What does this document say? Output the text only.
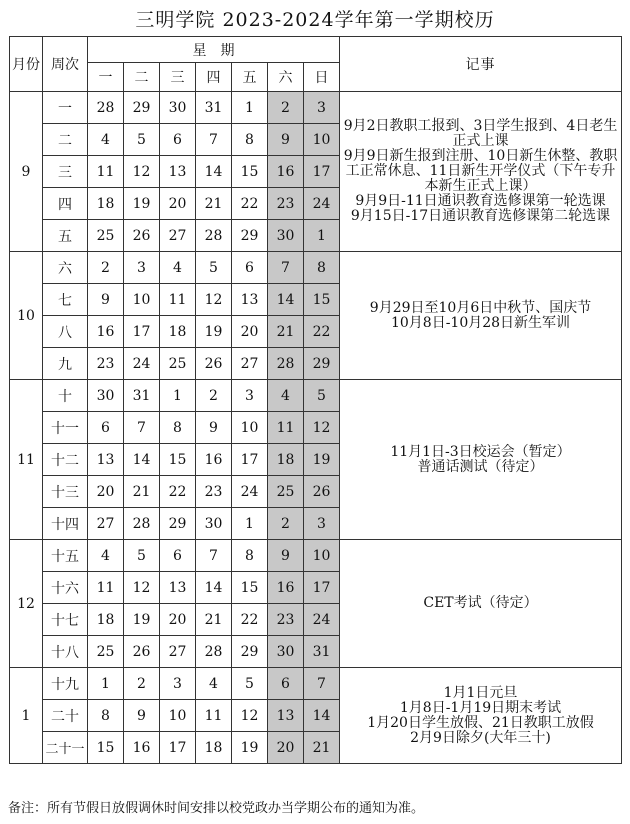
三明学院 2023-2024学年第一学期校历
月份	周次	星　期							记事
		一	二	三	四	五	六	日	
9	一	28	29	30	31	1	2	3	9月2日教职工报到、3日学生报到、4日老生正式上课
9月9日新生报到注册、10日新生休整、教职工正常休息、11日新生开学仪式（下午专升本新生正式上课）
9月9日-11日通识教育选修课第一轮选课
9月15日-17日通识教育选修课第二轮选课

	二	4	5	6	7	8	9	10	
	三	11	12	13	14	15	16	17	
	四	18	19	20	21	22	23	24	
	五	25	26	27	28	29	30	1	
10	六	2	3	4	5	6	7	8	9月29日至10月6日中秋节、国庆节
10月8日-10月28日新生军训

	七	9	10	11	12	13	14	15	
	八	16	17	18	19	20	21	22	
	九	23	24	25	26	27	28	29	
11	十	30	31	1	2	3	4	5	11月1日-3日校运会（暂定）
普通话测试（待定）

	十一	6	7	8	9	10	11	12	
	十二	13	14	15	16	17	18	19	
	十三	20	21	22	23	24	25	26	
	十四	27	28	29	30	1	2	3	
12	十五	4	5	6	7	8	9	10	CET考试（待定）

	十六	11	12	13	14	15	16	17	
	十七	18	19	20	21	22	23	24	
	十八	25	26	27	28	29	30	31	
1	十九	1	2	3	4	5	6	7	1月1日元旦
1月8日-1月19日期末考试
1月20日学生放假、21日教职工放假
2月9日除夕(大年三十)

	二十	8	9	10	11	12	13	14	
	二十一	15	16	17	18	19	20	21	
备注：所有节假日放假调休时间安排以校党政办当学期公布的通知为准。
